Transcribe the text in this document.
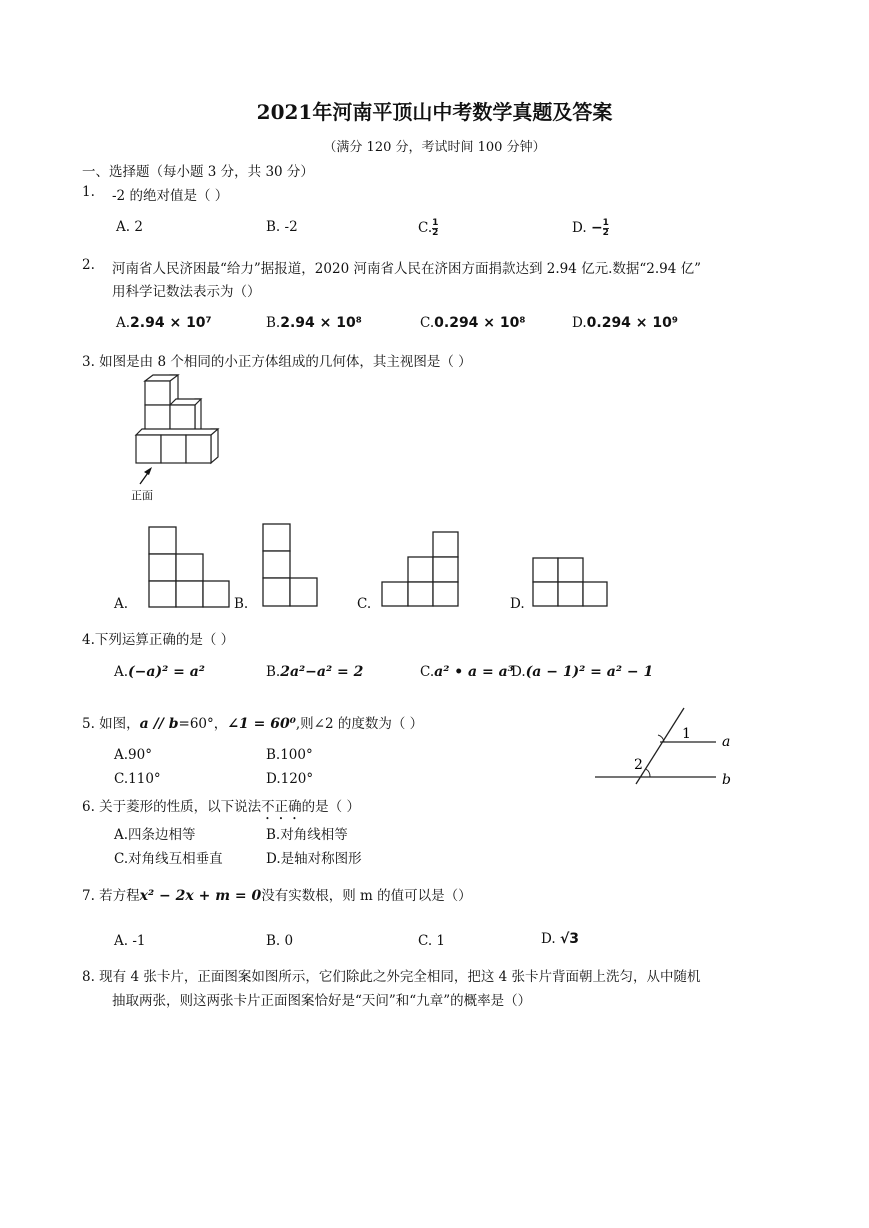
2021年河南平顶山中考数学真题及答案
（满分 120 分，考试时间 100 分钟）
一、选择题（每小题 3 分，共 30 分）
1. -2 的绝对值是（ ）
A. 2	B. -2	C. $\frac{1}{2}$	D. − $\frac{1}{2}$
2. 河南省人民济困最“给力”据报道，2020 河南省人民在济困方面捐款达到 2.94 亿元.数据“2.94 亿”
用科学记数法表示为（）
A.2.94 × 10⁷	B.2.94 × 10⁸	C.0.294 × 10⁸	D.0.294 × 10⁹
3. 如图是由 8 个相同的小正方体组成的几何体，其主视图是（ ）
正面
A.	B.	C.	D.
4.下列运算正确的是（ ）
A.(−a)² = a²	B.2a²−a² = 2	C.a² • a = a³
D.(a − 1)² = a² − 1
5. 如图，a // b=60°，∠1 = 60⁰,则∠2 的度数为（ ）
A.90°	B.100°
C.110°	D.120°
1
2
a
b
6. 关于菱形的性质，以下说法不正确的是（ ）
A.四条边相等	B.对角线相等
C.对角线互相垂直	D.是轴对称图形
7. 若方程x² − 2x + m = 0没有实数根，则 m 的值可以是（）
A. -1	B. 0	C. 1	D. √3
8. 现有 4 张卡片，正面图案如图所示，它们除此之外完全相同，把这 4 张卡片背面朝上洗匀，从中随机
抽取两张，则这两张卡片正面图案恰好是“天问”和“九章”的概率是（）
